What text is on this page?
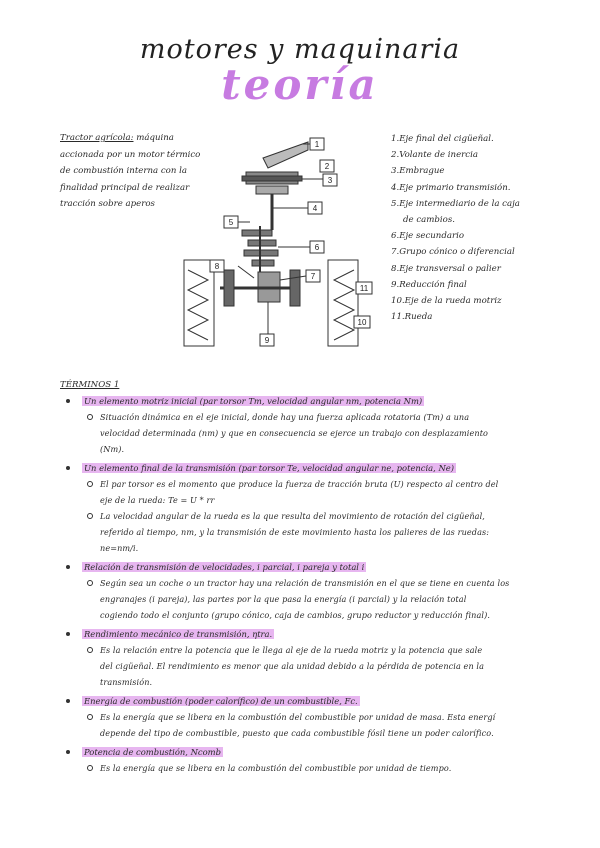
motores y maquinaria
teoría
Tractor agrícola: máquina accionada por un motor térmico de combustión interna con la finalidad principal de realizar tracción sobre aperos
1
2
3
4
5
6
7
8
9
10
11
1.Eje final del cigüeñal.
2.Volante de inercia
3.Embrague
4.Eje primario transmisión.
5.Eje intermediario de la caja
de cambios.
6.Eje secundario
7.Grupo cónico o diferencial
8.Eje transversal o palier
9.Reducción final
10.Eje de la rueda motriz
11.Rueda
TÉRMINOS 1
Un elemento motriz inicial (par torsor Tm, velocidad angular nm, potencia Nm)
Situación dinámica en el eje inicial, donde hay una fuerza aplicada rotatoria (Tm) a una
velocidad determinada (nm) y que en consecuencia se ejerce un trabajo con desplazamiento
(Nm).
Un elemento final de la transmisión (par torsor Te, velocidad angular ne, potencia, Ne)
El par torsor es el momento que produce la fuerza de tracción bruta (U) respecto al centro del
eje de la rueda: Te = U * rr
La velocidad angular de la rueda es la que resulta del movimiento de rotación del cigüeñal,
referido al tiempo, nm, y la transmisión de este movimiento hasta los palieres de las ruedas:
ne=nm/i.
Relación de transmisión de velocidades, i parcial, i pareja y total i
Según sea un coche o un tractor hay una relación de transmisión en el que se tiene en cuenta los
engranajes (i pareja), las partes por la que pasa la energía (i parcial) y la relación total
cogiendo todo el conjunto (grupo cónico, caja de cambios, grupo reductor y reducción final).
Rendimiento mecánico de transmisión, ηtra.
Es la relación entre la potencia que le llega al eje de la rueda motriz y la potencia que sale
del cigüeñal. El rendimiento es menor que ala unidad debido a la pérdida de potencia en la
transmisión.
Energía de combustión (poder calorífico) de un combustible, Fc.
Es la energía que se libera en la combustión del combustible por unidad de masa. Esta energí
depende del tipo de combustible, puesto que cada combustible fósil tiene un poder calorífico.
Potencia de combustión, Ncomb
Es la energía que se libera en la combustión del combustible por unidad de tiempo.
